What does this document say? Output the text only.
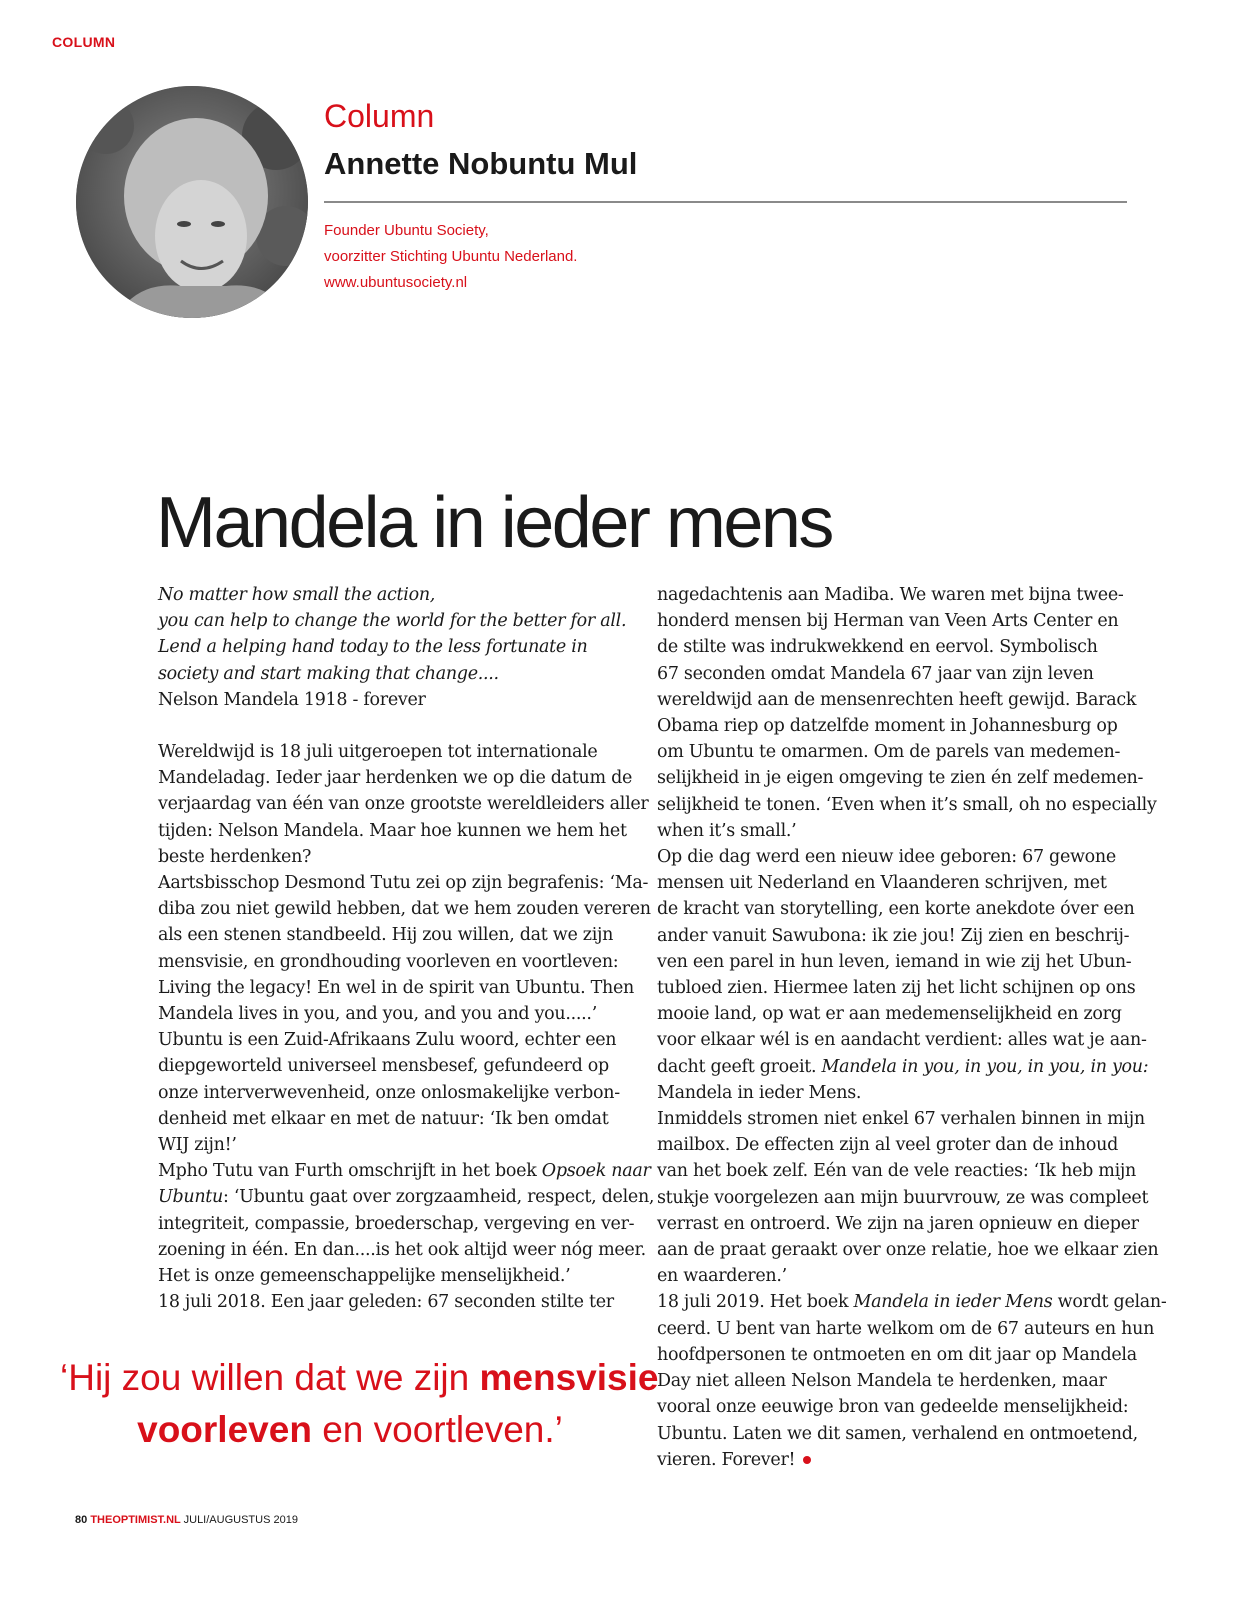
COLUMN
Column
Annette Nobuntu Mul
Founder Ubuntu Society,
voorzitter Stichting Ubuntu Nederland.
www.ubuntusociety.nl
Mandela in ieder mens
No matter how small the action,
you can help to change the world for the better for all.
Lend a helping hand today to the less fortunate in
society and start making that change....
Nelson Mandela 1918 - forever
Wereldwijd is 18 juli uitgeroepen tot internationale
Mandeladag. Ieder jaar herdenken we op die datum de
verjaardag van één van onze grootste wereldleiders aller
tijden: Nelson Mandela. Maar hoe kunnen we hem het
beste herdenken?
Aartsbisschop Desmond Tutu zei op zijn begrafenis: ‘Ma-
diba zou niet gewild hebben, dat we hem zouden vereren
als een stenen standbeeld. Hij zou willen, dat we zijn
mensvisie, en grondhouding voorleven en voortleven:
Living the legacy! En wel in de spirit van Ubuntu. Then
Mandela lives in you, and you, and you and you.....’
Ubuntu is een Zuid-Afrikaans Zulu woord, echter een
diepgeworteld universeel mensbesef, gefundeerd op
onze interverwevenheid, onze onlosmakelijke verbon-
denheid met elkaar en met de natuur: ‘Ik ben omdat
WIJ zijn!’
Mpho Tutu van Furth omschrijft in het boek Opsoek naar
Ubuntu: ‘Ubuntu gaat over zorgzaamheid, respect, delen,
integriteit, compassie, broederschap, vergeving en ver-
zoening in één. En dan....is het ook altijd weer nóg meer.
Het is onze gemeenschappelijke menselijkheid.’
18 juli 2018. Een jaar geleden: 67 seconden stilte ter
‘Hij zou willen dat we zijn mensvisie
voorleven en voortleven.’
nagedachtenis aan Madiba. We waren met bijna twee-
honderd mensen bij Herman van Veen Arts Center en
de stilte was indrukwekkend en eervol. Symbolisch
67 seconden omdat Mandela 67 jaar van zijn leven
wereldwijd aan de mensenrechten heeft gewijd. Barack
Obama riep op datzelfde moment in Johannesburg op
om Ubuntu te omarmen. Om de parels van medemen-
selijkheid in je eigen omgeving te zien én zelf medemen-
selijkheid te tonen. ‘Even when it’s small, oh no especially
when it’s small.’
Op die dag werd een nieuw idee geboren: 67 gewone
mensen uit Nederland en Vlaanderen schrijven, met
de kracht van storytelling, een korte anekdote óver een
ander vanuit Sawubona: ik zie jou! Zij zien en beschrij-
ven een parel in hun leven, iemand in wie zij het Ubun-
tubloed zien. Hiermee laten zij het licht schijnen op ons
mooie land, op wat er aan medemenselijkheid en zorg
voor elkaar wél is en aandacht verdient: alles wat je aan-
dacht geeft groeit. Mandela in you, in you, in you, in you:
Mandela in ieder Mens.
Inmiddels stromen niet enkel 67 verhalen binnen in mijn
mailbox. De effecten zijn al veel groter dan de inhoud
van het boek zelf. Eén van de vele reacties: ‘Ik heb mijn
stukje voorgelezen aan mijn buurvrouw, ze was compleet
verrast en ontroerd. We zijn na jaren opnieuw en dieper
aan de praat geraakt over onze relatie, hoe we elkaar zien
en waarderen.’
18 juli 2019. Het boek Mandela in ieder Mens wordt gelan-
ceerd. U bent van harte welkom om de 67 auteurs en hun
hoofdpersonen te ontmoeten en om dit jaar op Mandela
Day niet alleen Nelson Mandela te herdenken, maar
vooral onze eeuwige bron van gedeelde menselijkheid:
Ubuntu. Laten we dit samen, verhalend en ontmoetend,
vieren. Forever!
80 THEOPTIMIST.NL JULI/AUGUSTUS 2019
